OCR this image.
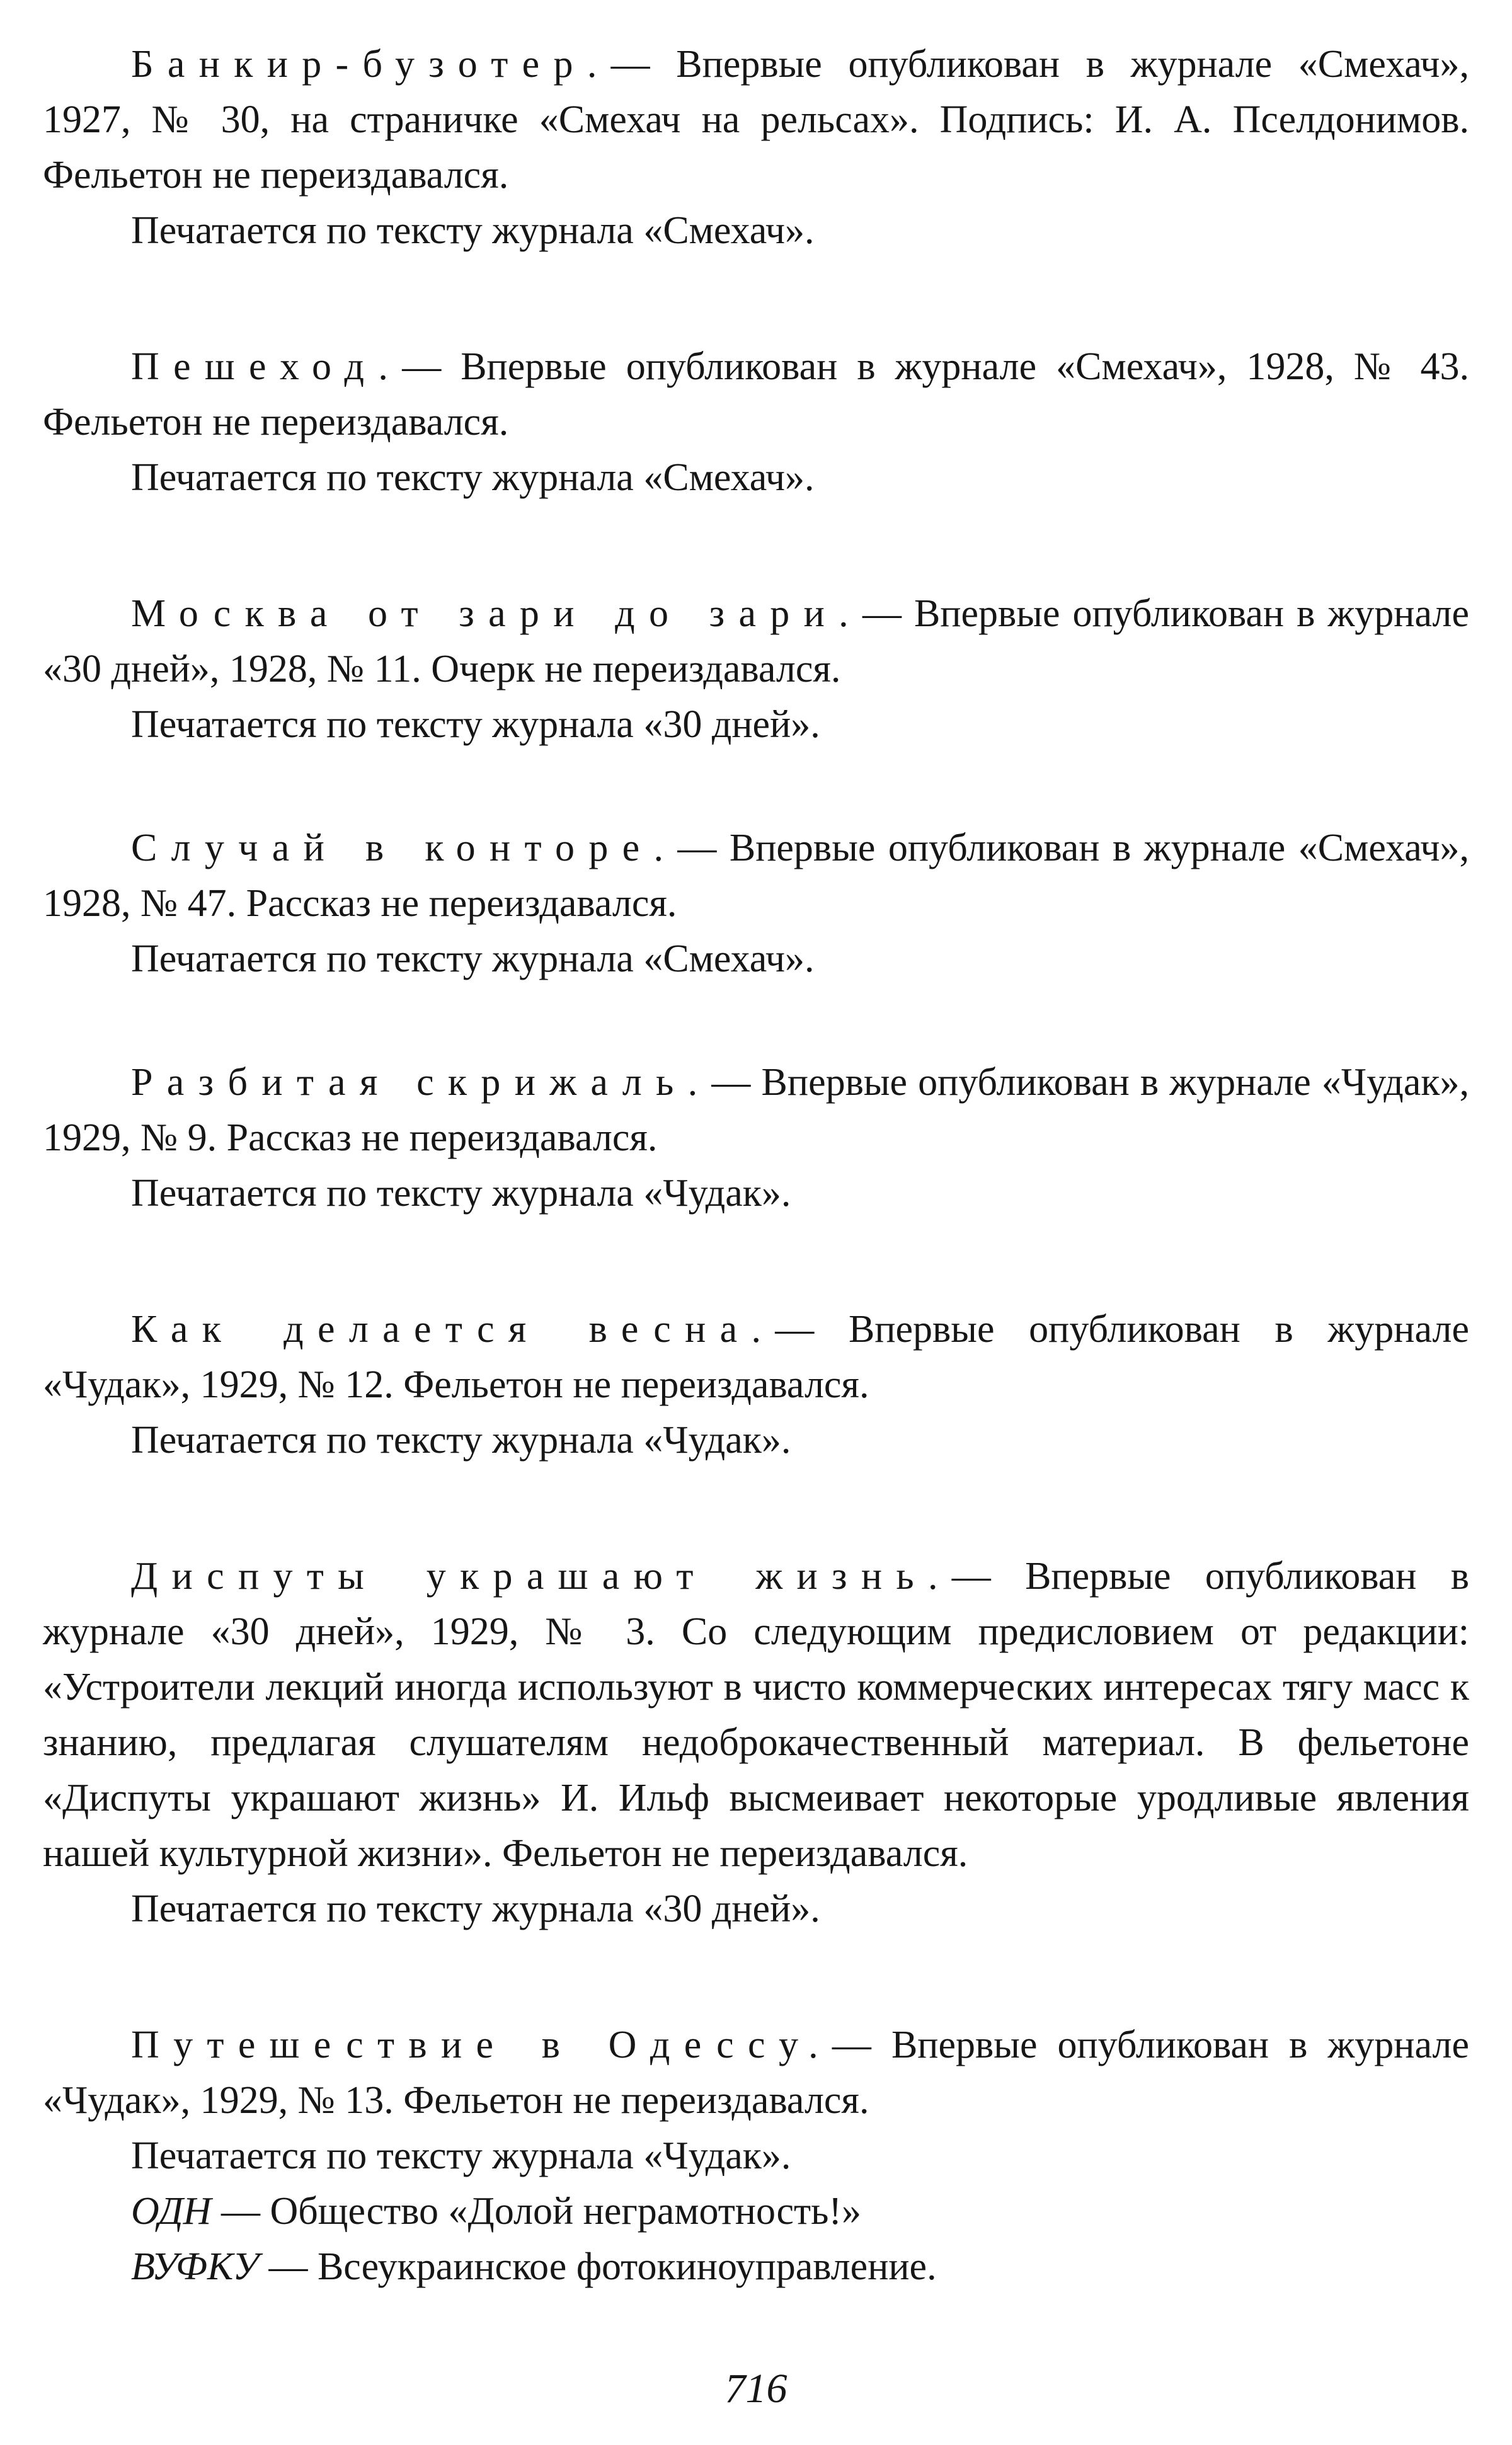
Банкир-бузотер.— Впервые опубликован в журнале «Смехач», 1927, № 30, на страничке «Смехач на рельсах». Подпись: И. А. Пселдонимов. Фельетон не переиздавался.

Печатается по тексту журнала «Смехач».

Пешеход.— Впервые опубликован в журнале «Смехач», 1928, № 43. Фельетон не переиздавался.

Печатается по тексту журнала «Смехач».

Москва от зари до зари.— Впервые опубликован в журнале «30 дней», 1928, № 11. Очерк не переиздавался.

Печатается по тексту журнала «30 дней».

Случай в конторе.— Впервые опубликован в журнале «Смехач», 1928, № 47. Рассказ не переиздавался.

Печатается по тексту журнала «Смехач».

Разбитая скрижаль.— Впервые опубликован в журнале «Чудак», 1929, № 9. Рассказ не переиздавался.

Печатается по тексту журнала «Чудак».

Как делается весна.— Впервые опубликован в журнале «Чудак», 1929, № 12. Фельетон не переиздавался.

Печатается по тексту журнала «Чудак».

Диспуты украшают жизнь.— Впервые опубликован в журнале «30 дней», 1929, № 3. Со следующим предисловием от редакции: «Устроители лекций иногда используют в чисто коммерческих интересах тягу масс к знанию, предлагая слушателям недоброкачественный материал. В фельетоне «Диспуты украшают жизнь» И. Ильф высмеивает некоторые уродливые явления нашей культурной жизни». Фельетон не переиздавался.

Печатается по тексту журнала «30 дней».

Путешествие в Одессу.— Впервые опубликован в журнале «Чудак», 1929, № 13. Фельетон не переиздавался.

Печатается по тексту журнала «Чудак».

ОДН — Общество «Долой неграмотность!»

ВУФКУ — Всеукраинское фотокиноуправление.

716
